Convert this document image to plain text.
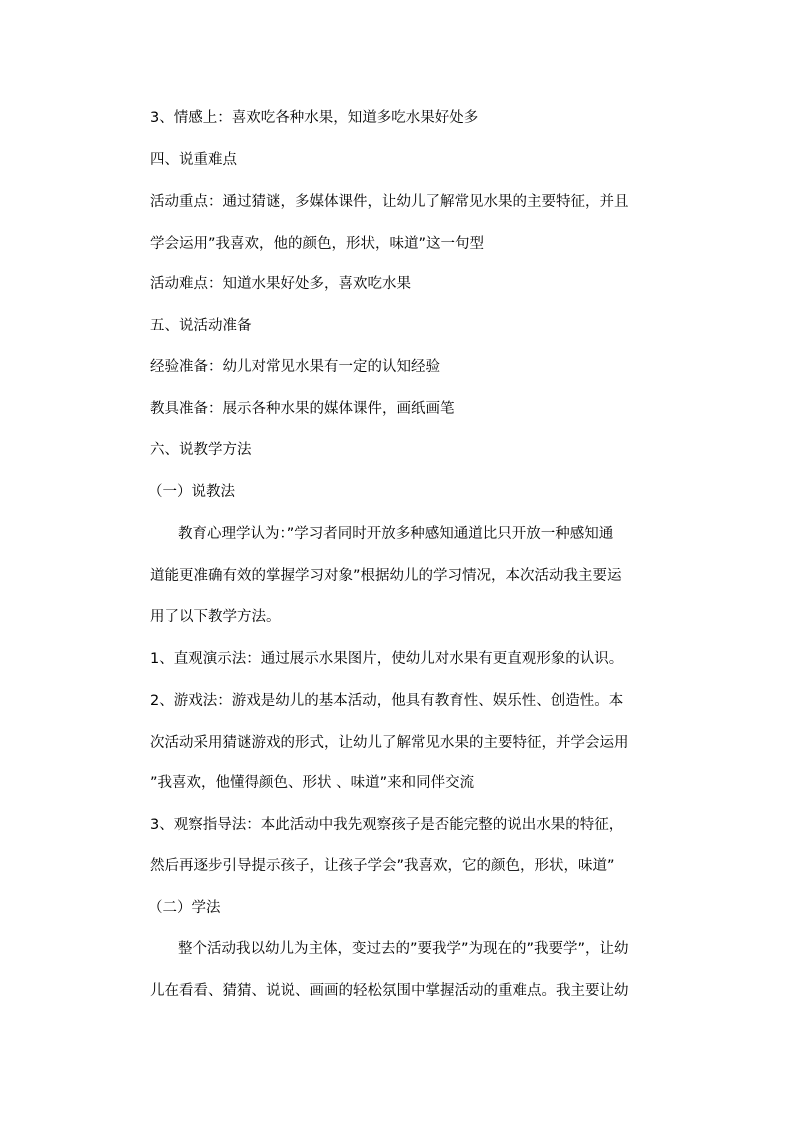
3、情感上：喜欢吃各种水果，知道多吃水果好处多
四、说重难点
活动重点：通过猜谜，多媒体课件，让幼儿了解常见水果的主要特征，并且
学会运用”我喜欢，他的颜色，形状，味道”这一句型
活动难点：知道水果好处多，喜欢吃水果
五、说活动准备
经验准备：幼儿对常见水果有一定的认知经验
教具准备：展示各种水果的媒体课件，画纸画笔
六、说教学方法
（一）说教法
教育心理学认为：”学习者同时开放多种感知通道比只开放一种感知通
道能更准确有效的掌握学习对象”根据幼儿的学习情况，本次活动我主要运
用了以下教学方法。
1、直观演示法：通过展示水果图片，使幼儿对水果有更直观形象的认识。
2、游戏法：游戏是幼儿的基本活动，他具有教育性、娱乐性、创造性。本
次活动采用猜谜游戏的形式，让幼儿了解常见水果的主要特征，并学会运用
”我喜欢，他懂得颜色、形状 、味道”来和同伴交流
3、观察指导法：本此活动中我先观察孩子是否能完整的说出水果的特征，
然后再逐步引导提示孩子，让孩子学会”我喜欢，它的颜色，形状，味道”
（二）学法
整个活动我以幼儿为主体，变过去的”要我学”为现在的”我要学”，让幼
儿在看看、猜猜、说说、画画的轻松氛围中掌握活动的重难点。我主要让幼
